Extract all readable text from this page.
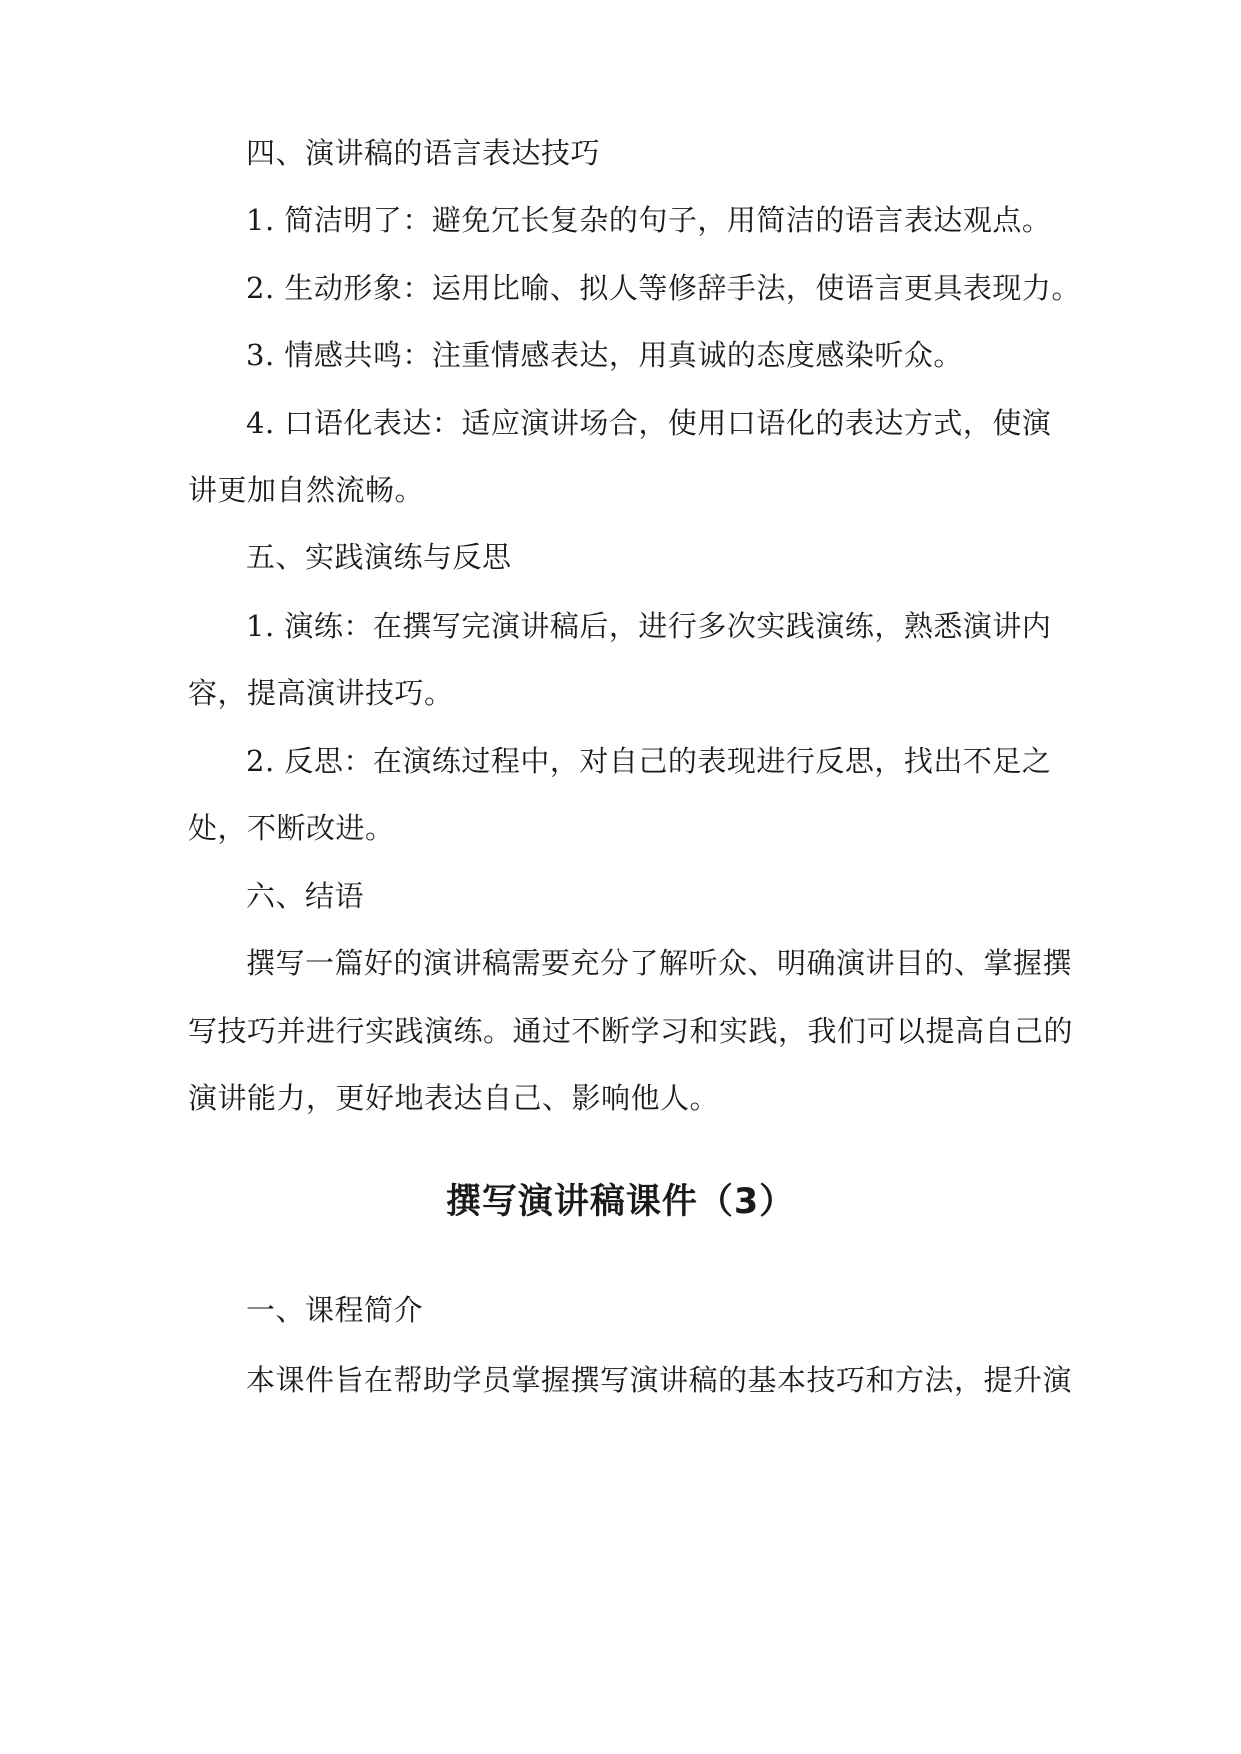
四、演讲稿的语言表达技巧
1. 简洁明了：避免冗长复杂的句子，用简洁的语言表达观点。
2. 生动形象：运用比喻、拟人等修辞手法，使语言更具表现力。
3. 情感共鸣：注重情感表达，用真诚的态度感染听众。
4. 口语化表达：适应演讲场合，使用口语化的表达方式，使演
讲更加自然流畅。
五、实践演练与反思
1. 演练：在撰写完演讲稿后，进行多次实践演练，熟悉演讲内
容，提高演讲技巧。
2. 反思：在演练过程中，对自己的表现进行反思，找出不足之
处，不断改进。
六、结语
撰写一篇好的演讲稿需要充分了解听众、明确演讲目的、掌握撰
写技巧并进行实践演练。通过不断学习和实践，我们可以提高自己的
演讲能力，更好地表达自己、影响他人。
撰写演讲稿课件（3）
一、课程简介
本课件旨在帮助学员掌握撰写演讲稿的基本技巧和方法，提升演
